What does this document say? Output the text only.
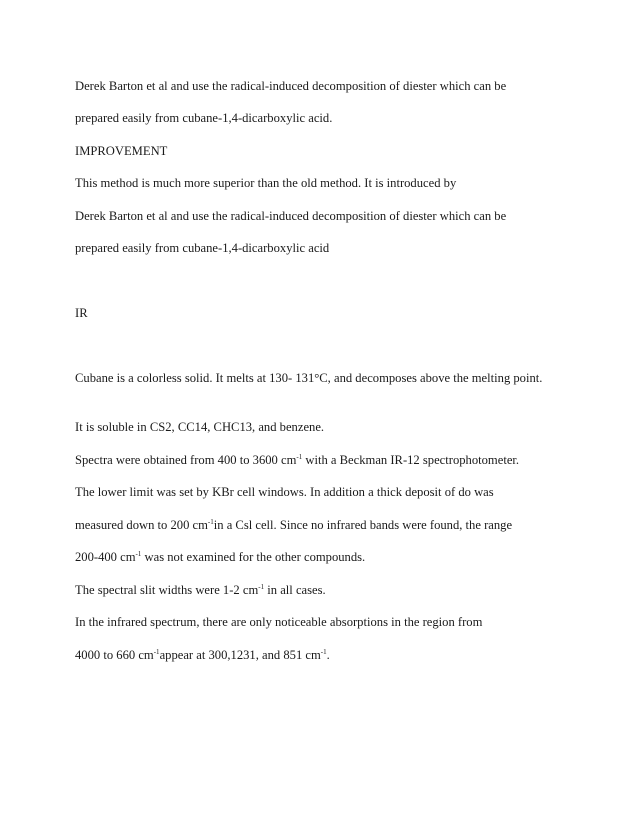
Derek Barton et al and use the radical-induced decomposition of diester which can be
prepared easily from cubane-1,4-dicarboxylic acid.
IMPROVEMENT
This method is much more superior than the old method. It is introduced by
Derek Barton et al and use the radical-induced decomposition of diester which can be
prepared easily from cubane-1,4-dicarboxylic acid
IR
Cubane is a colorless solid. It melts at 130- 131°C, and decomposes above the melting point.
It is soluble in CS2, CC14, CHC13, and benzene.
Spectra were obtained from 400 to 3600 $cm^{-1}$ with a Beckman IR-12 spectrophotometer.
The lower limit was set by KBr cell windows. In addition a thick deposit of do was
measured down to 200 $cm^{-1}in$ a Csl cell. Since no infrared bands were found, the range
200-400 $cm^{-1}$ was not examined for the other compounds.
The spectral slit widths were 1-2 $cm^{-1}$ in all cases.
In the infrared spectrum, there are only noticeable absorptions in the region from
4000 to 660 $cm^{-1}appear$ at 300,1231, and 851 $cm^{-1}$.
